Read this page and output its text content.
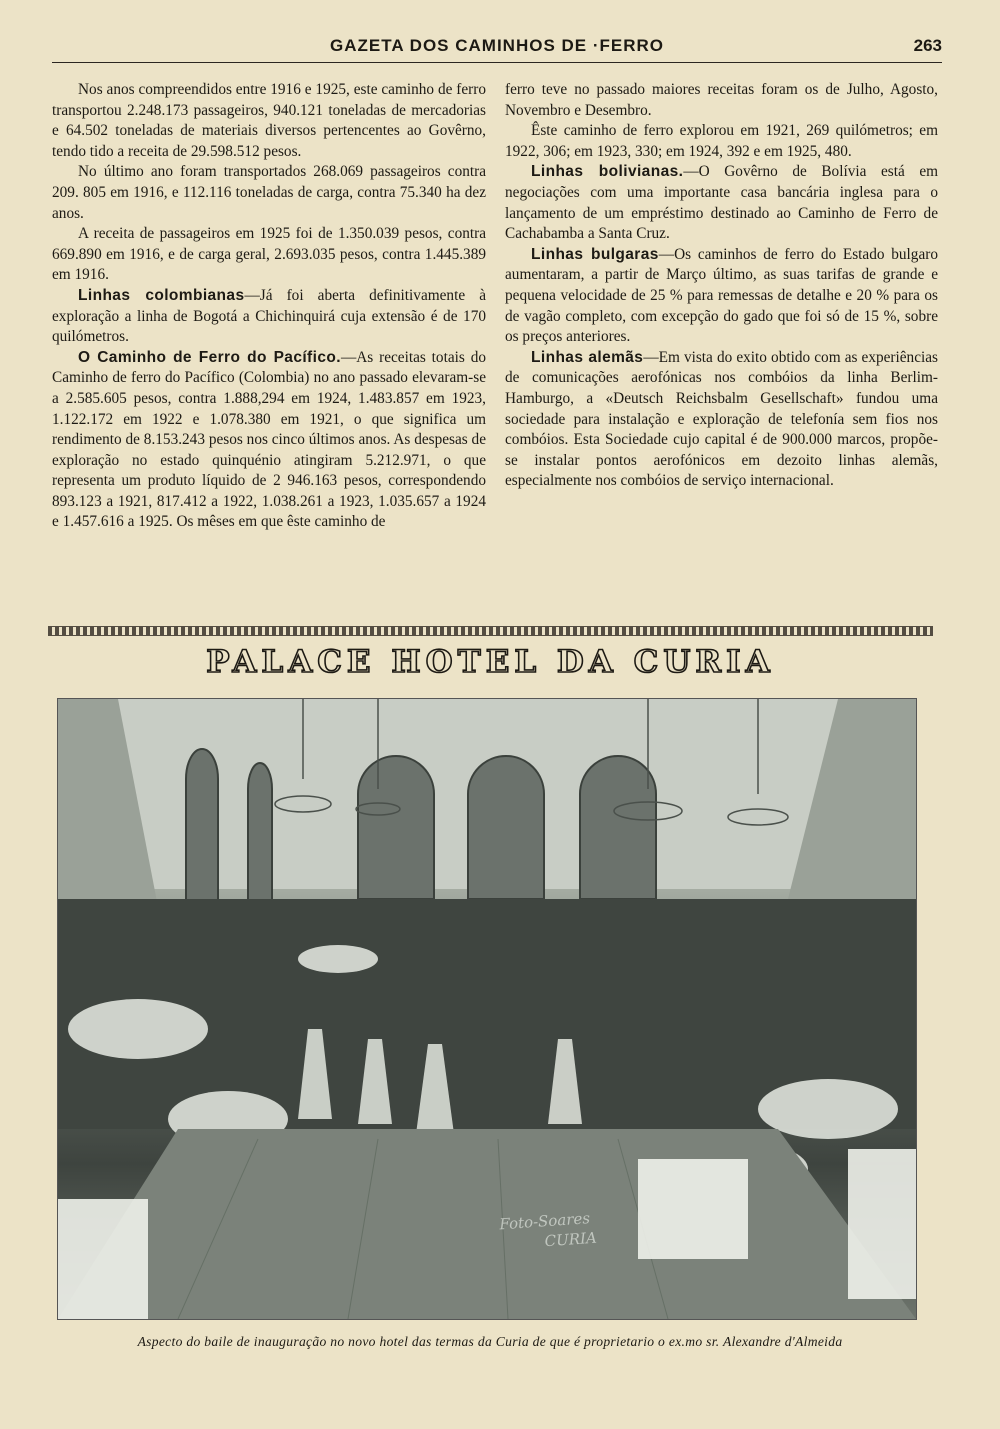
GAZETA DOS CAMINHOS DE ·FERRO	263

Nos anos compreendidos entre 1916 e 1925, este caminho de ferro transportou 2.248.173 passageiros, 940.121 toneladas de mercadorias e 64.502 toneladas de materiais diversos pertencentes ao Govêrno, tendo tido a receita de 29.598.512 pesos.

No último ano foram transportados 268.069 passageiros contra 209. 805 em 1916, e 112.116 toneladas de carga, contra 75.340 ha dez anos.

A receita de passageiros em 1925 foi de 1.350.039 pesos, contra 669.890 em 1916, e de carga geral, 2.693.035 pesos, contra 1.445.389 em 1916.

Linhas colombianas—Já foi aberta definitivamente à exploração a linha de Bogotá a Chichinquirá cuja extensão é de 170 quilómetros.

O Caminho de Ferro do Pacífico.—As receitas totais do Caminho de ferro do Pacífico (Colombia) no ano passado elevaram-se a 2.585.605 pesos, contra 1.888,294 em 1924, 1.483.857 em 1923, 1.122.172 em 1922 e 1.078.380 em 1921, o que significa um rendimento de 8.153.243 pesos nos cinco últimos anos. As despesas de exploração no estado quinquénio atingiram 5.212.971, o que representa um produto líquido de 2 946.163 pesos, correspondendo 893.123 a 1921, 817.412 a 1922, 1.038.261 a 1923, 1.035.657 a 1924 e 1.457.616 a 1925. Os mêses em que êste caminho de

ferro teve no passado maiores receitas foram os de Julho, Agosto, Novembro e Desembro.

Êste caminho de ferro explorou em 1921, 269 quilómetros; em 1922, 306; em 1923, 330; em 1924, 392 e em 1925, 480.

Linhas bolivianas.—O Govêrno de Bolívia está em negociações com uma importante casa bancária inglesa para o lançamento de um empréstimo destinado ao Caminho de Ferro de Cachabamba a Santa Cruz.

Linhas bulgaras—Os caminhos de ferro do Estado bulgaro aumentaram, a partir de Março último, as suas tarifas de grande e pequena velocidade de 25 % para remessas de detalhe e 20 % para os de vagão completo, com excepção do gado que foi só de 15 %, sobre os preços anteriores.

Linhas alemãs—Em vista do exito obtido com as experiências de comunicações aerofónicas nos combóios da linha Berlim-Hamburgo, a «Deutsch Reichsbalm Gesellschaft» fundou uma sociedade para instalação e exploração de telefonía sem fios nos combóios. Esta Sociedade cujo capital é de 900.000 marcos, propõe-se instalar pontos aerofónicos em dezoito linhas alemãs, especialmente nos combóios de serviço internacional.

PALACE HOTEL DA CURIA
Foto-Soares
CURIA
Aspecto do baile de inauguração no novo hotel das termas da Curia de que é proprietario o ex.mo sr. Alexandre d'Almeida
